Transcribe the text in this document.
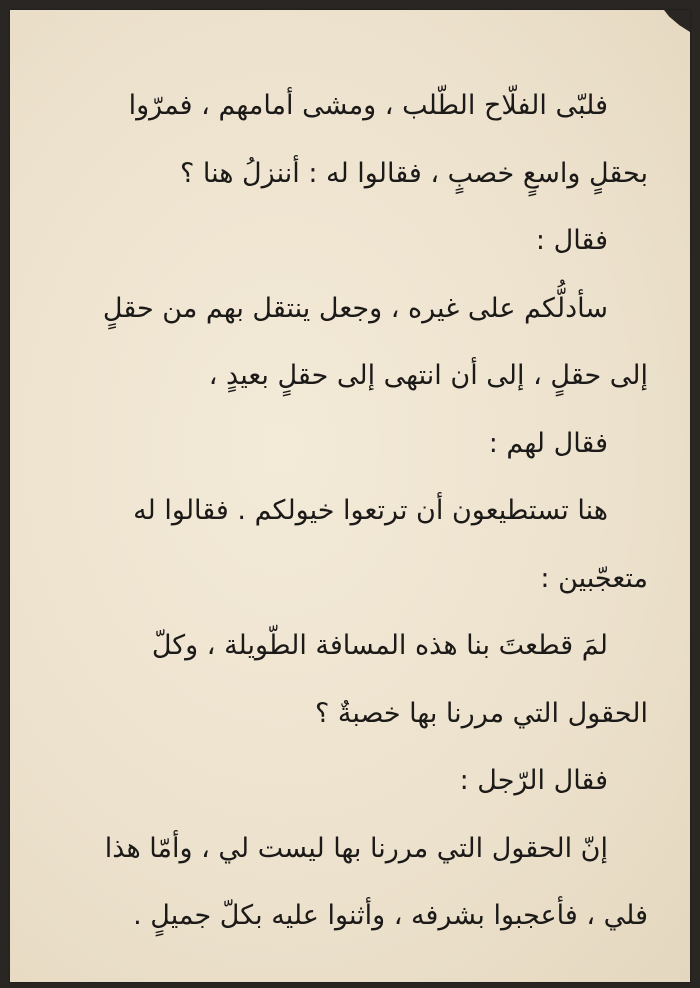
فلبّى الفلّاح الطّلب ، ومشى أمامهم ، فمرّوا
بحقلٍ واسعٍ خصبٍ ، فقالوا له : أننزلُ هنا ؟
فقال :
سأدلُّكم على غيره ، وجعل ينتقل بهم من حقلٍ
إلى حقلٍ ، إلى أن انتهى إلى حقلٍ بعيدٍ ،
فقال لهم :
هنا تستطيعون أن ترتعوا خيولكم . فقالوا له
متعجّبين :
لمَ قطعتَ بنا هذه المسافة الطّويلة ، وكلّ
الحقول التي مررنا بها خصبةٌ ؟
فقال الرّجل :
إنّ الحقول التي مررنا بها ليست لي ، وأمّا هذا
فلي ، فأعجبوا بشرفه ، وأثنوا عليه بكلّ جميلٍ .
